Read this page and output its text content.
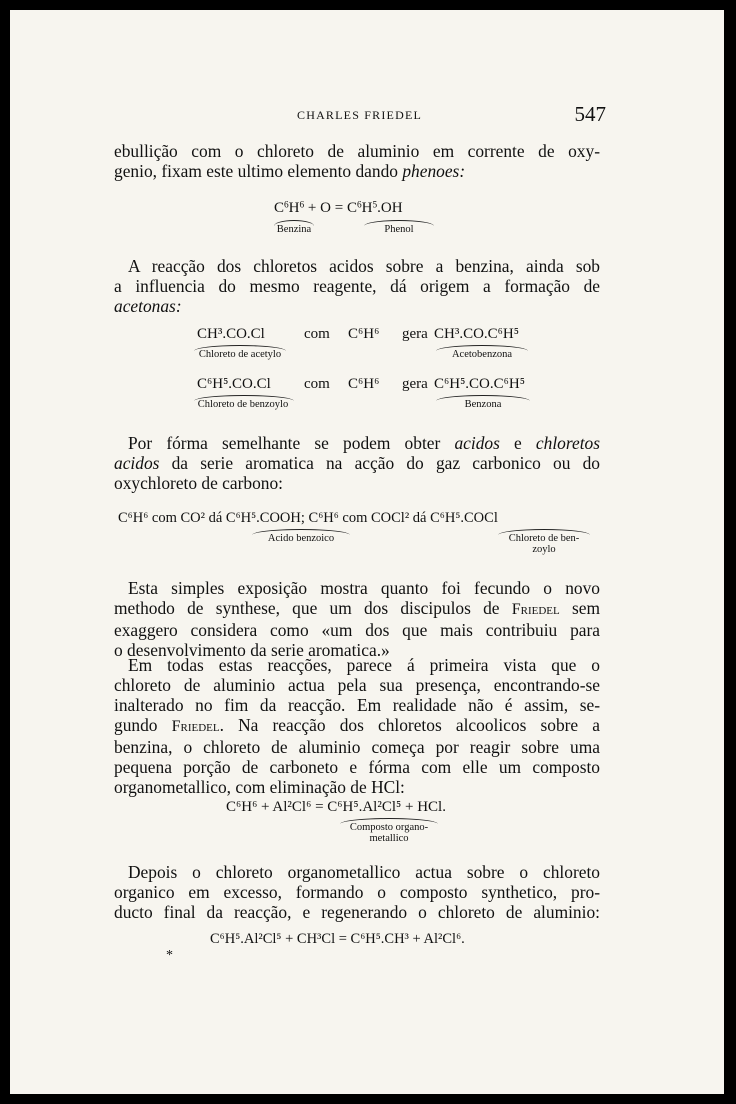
CHARLES FRIEDEL	547
ebullição com o chloreto de aluminio em corrente de oxy-
genio, fixam este ultimo elemento dando phenoes:
$C^6H^6 + O = C^6H^5.OH$
Benzina	Phenol
A reacção dos chloretos acidos sobre a benzina, ainda sob
a influencia do mesmo reagente, dá origem a formação de
acetonas:
CH³.CO.Cl	com C⁶H⁶ gera CH³.CO.C⁶H⁵
Chloreto de acetylo	Acetobenzona
C⁶H⁵.CO.Cl com C⁶H⁶ gera C⁶H⁵.CO.C⁶H⁵
Chloreto de benzoylo	Benzona
Por fórma semelhante se podem obter acidos e chloretos
acidos da serie aromatica na acção do gaz carbonico ou do
oxychloreto de carbono:
C⁶H⁶ com CO² dá C⁶H⁵.COOH; C⁶H⁶ com COCl² dá C⁶H⁵.COCl
Acido benzoico	Chloreto de ben-
zoylo
Esta simples exposição mostra quanto foi fecundo o novo
methodo de synthese, que um dos discipulos de Friedel sem
exaggero considera como «um dos que mais contribuiu para
o desenvolvimento da serie aromatica.»
Em todas estas reacções, parece á primeira vista que o
chloreto de aluminio actua pela sua presença, encontrando-se
inalterado no fim da reacção. Em realidade não é assim, se-
gundo Friedel. Na reacção dos chloretos alcoolicos sobre a
benzina, o chloreto de aluminio começa por reagir sobre uma
pequena porção de carboneto e fórma com elle um composto
organometallico, com eliminação de HCl:
C⁶H⁶ + Al²Cl⁶ = C⁶H⁵.Al²Cl⁵ + HCl.
Composto organo-
metallico
Depois o chloreto organometallico actua sobre o chloreto
organico em excesso, formando o composto synthetico, pro-
ducto final da reacção, e regenerando o chloreto de aluminio:
C⁶H⁵.Al²Cl⁵ + CH³Cl = C⁶H⁵.CH³ + Al²Cl⁶.
*
